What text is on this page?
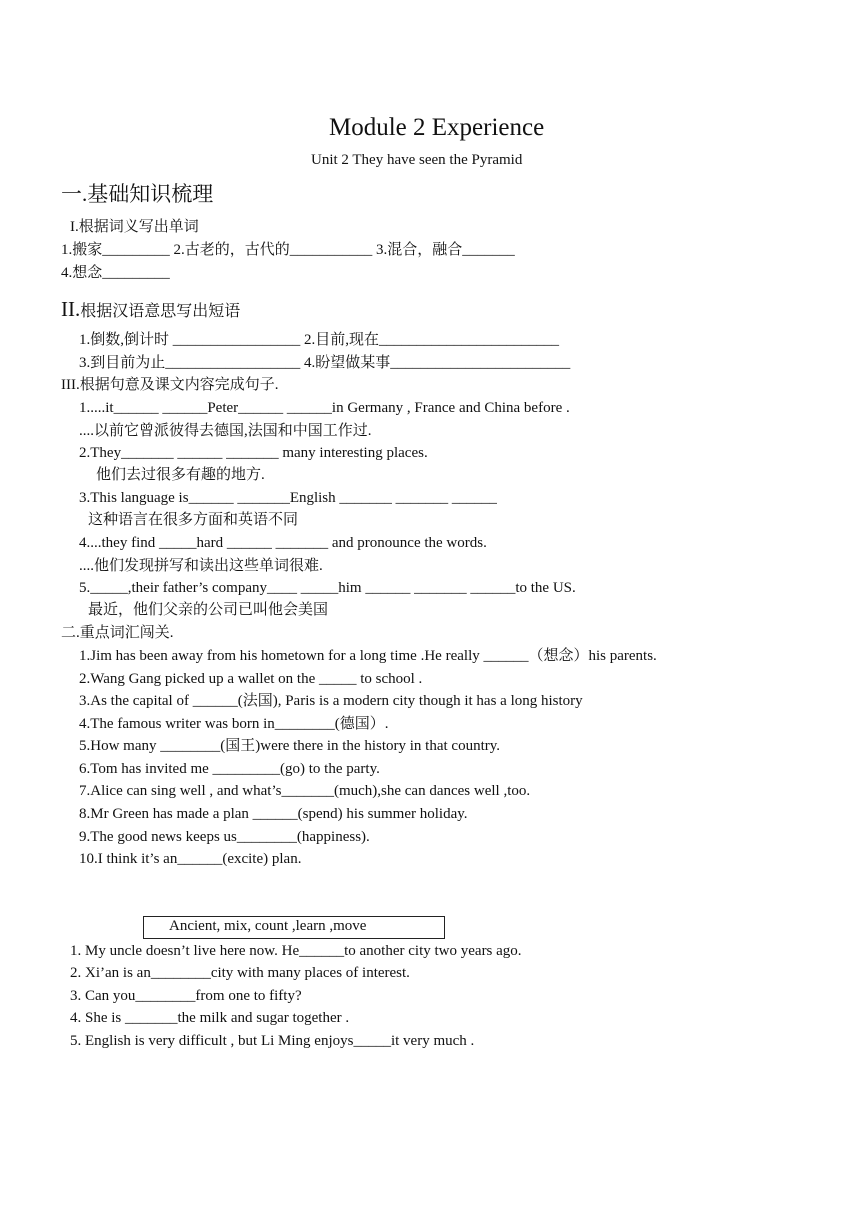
Module 2 Experience
Unit 2 They have seen the Pyramid
一.基础知识梳理
I.根据词义写出单词
1.搬家_________ 2.古老的，古代的___________ 3.混合，融合_______
4.想念_________
II.根据汉语意思写出短语
1.倒数,倒计时 _________________ 2.目前,现在________________________
3.到目前为止__________________ 4.盼望做某事________________________
III.根据句意及课文内容完成句子.
1.....it______ ______Peter______ ______in Germany , France and China before .
....以前它曾派彼得去德国,法国和中国工作过.
2.They_______ ______ _______ many interesting places.
他们去过很多有趣的地方.
3.This language is______ _______English _______ _______ ______
这种语言在很多方面和英语不同
4....they find _____hard ______ _______ and pronounce the words.
....他们发现拼写和读出这些单词很难.
5._____,their father’s company____ _____him ______ _______ ______to the US.
最近，他们父亲的公司已叫他会美国
二.重点词汇闯关.
1.Jim has been away from his hometown for a long time .He really ______（想念）his parents.
2.Wang Gang picked up a wallet on the _____ to school .
3.As the capital of ______(法国), Paris is a modern city though it has a long history
4.The famous writer was born in________(德国）.
5.How many ________(国王)were there in the history in that country.
6.Tom has invited me _________(go) to the party.
7.Alice can sing well , and what’s_______(much),she can dances well ,too.
8.Mr Green has made a plan ______(spend) his summer holiday.
9.The good news keeps us________(happiness).
10.I think it’s an______(excite) plan.
Ancient, mix, count ,learn ,move
1. My uncle doesn’t live here now. He______to another city two years ago.
2. Xi’an is an________city with many places of interest.
3. Can you________from one to fifty?
4. She is _______the milk and sugar together .
5. English is very difficult , but Li Ming enjoys_____it very much .
